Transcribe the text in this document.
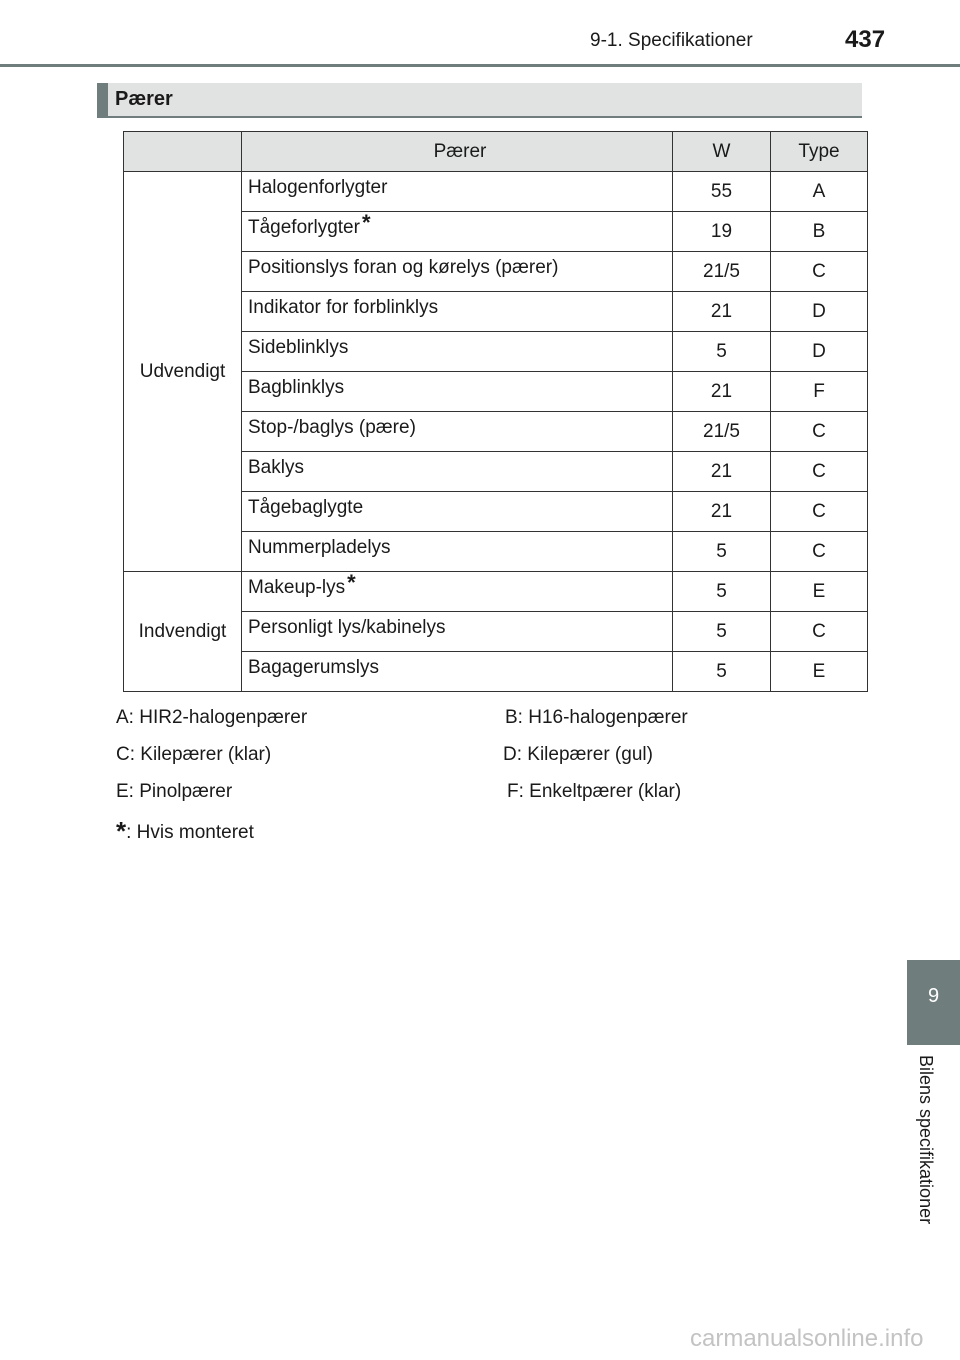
9-1. Specifikationer	437
Pærer
	Pærer	W	Type
Udvendigt	Halogenforlygter	55	A
	Tågeforlygter*	19	B
	Positionslys foran og kørelys (pærer)	21/5	C
	Indikator for forblinklys	21	D
	Sideblinklys	5	D
	Bagblinklys	21	F
	Stop-/baglys (pære)	21/5	C
	Baklys	21	C
	Tågebaglygte	21	C
	Nummerpladelys	5	C
Indvendigt	Makeup-lys*	5	E
	Personligt lys/kabinelys	5	C
	Bagagerumslys	5	E
A: HIR2-halogenpærer	B: H16-halogenpærer
C: Kilepærer (klar)	D: Kilepærer (gul)
E: Pinolpærer	F: Enkeltpærer (klar)
*: Hvis monteret
9
Bilens specifikationer
carmanualsonline.info
